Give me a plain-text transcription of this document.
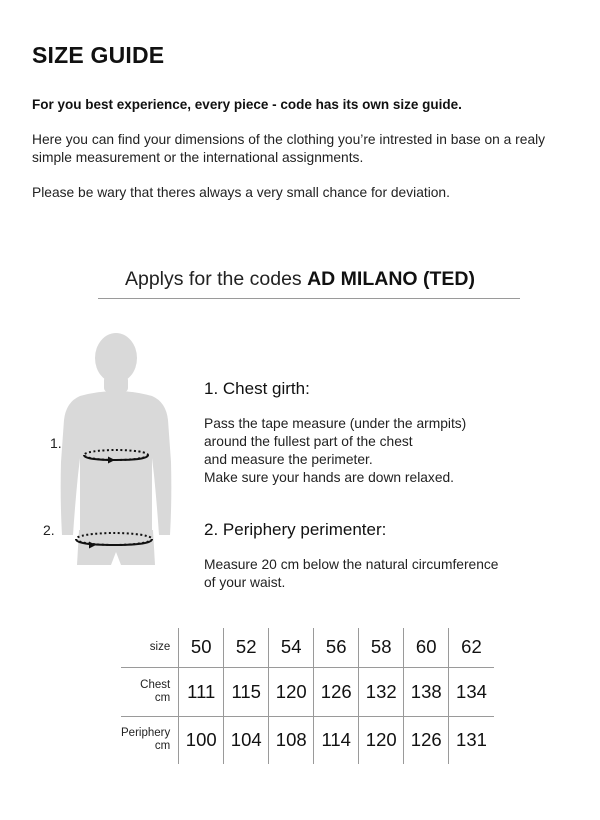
SIZE GUIDE
For you best experience, every piece - code has its own size guide.
Here you can find your dimensions of the clothing you’re intrested in base on a realy simple measurement or the international assignments.
Please be wary that theres always a very small chance for deviation.
Applys for the codes AD MILANO (TED)
1.
2.
1. Chest girth:
Pass the tape measure (under the armpits)
around the fullest part of the chest
and measure the perimeter.
Make sure your hands are down relaxed.
2. Periphery perimenter:
Measure 20 cm below the natural circumference
of your waist.
size	50	52	54	56	58	60	62

Chest
cm	111	115	120	126	132	138	134

Periphery
cm	100	104	108	114	120	126	131
